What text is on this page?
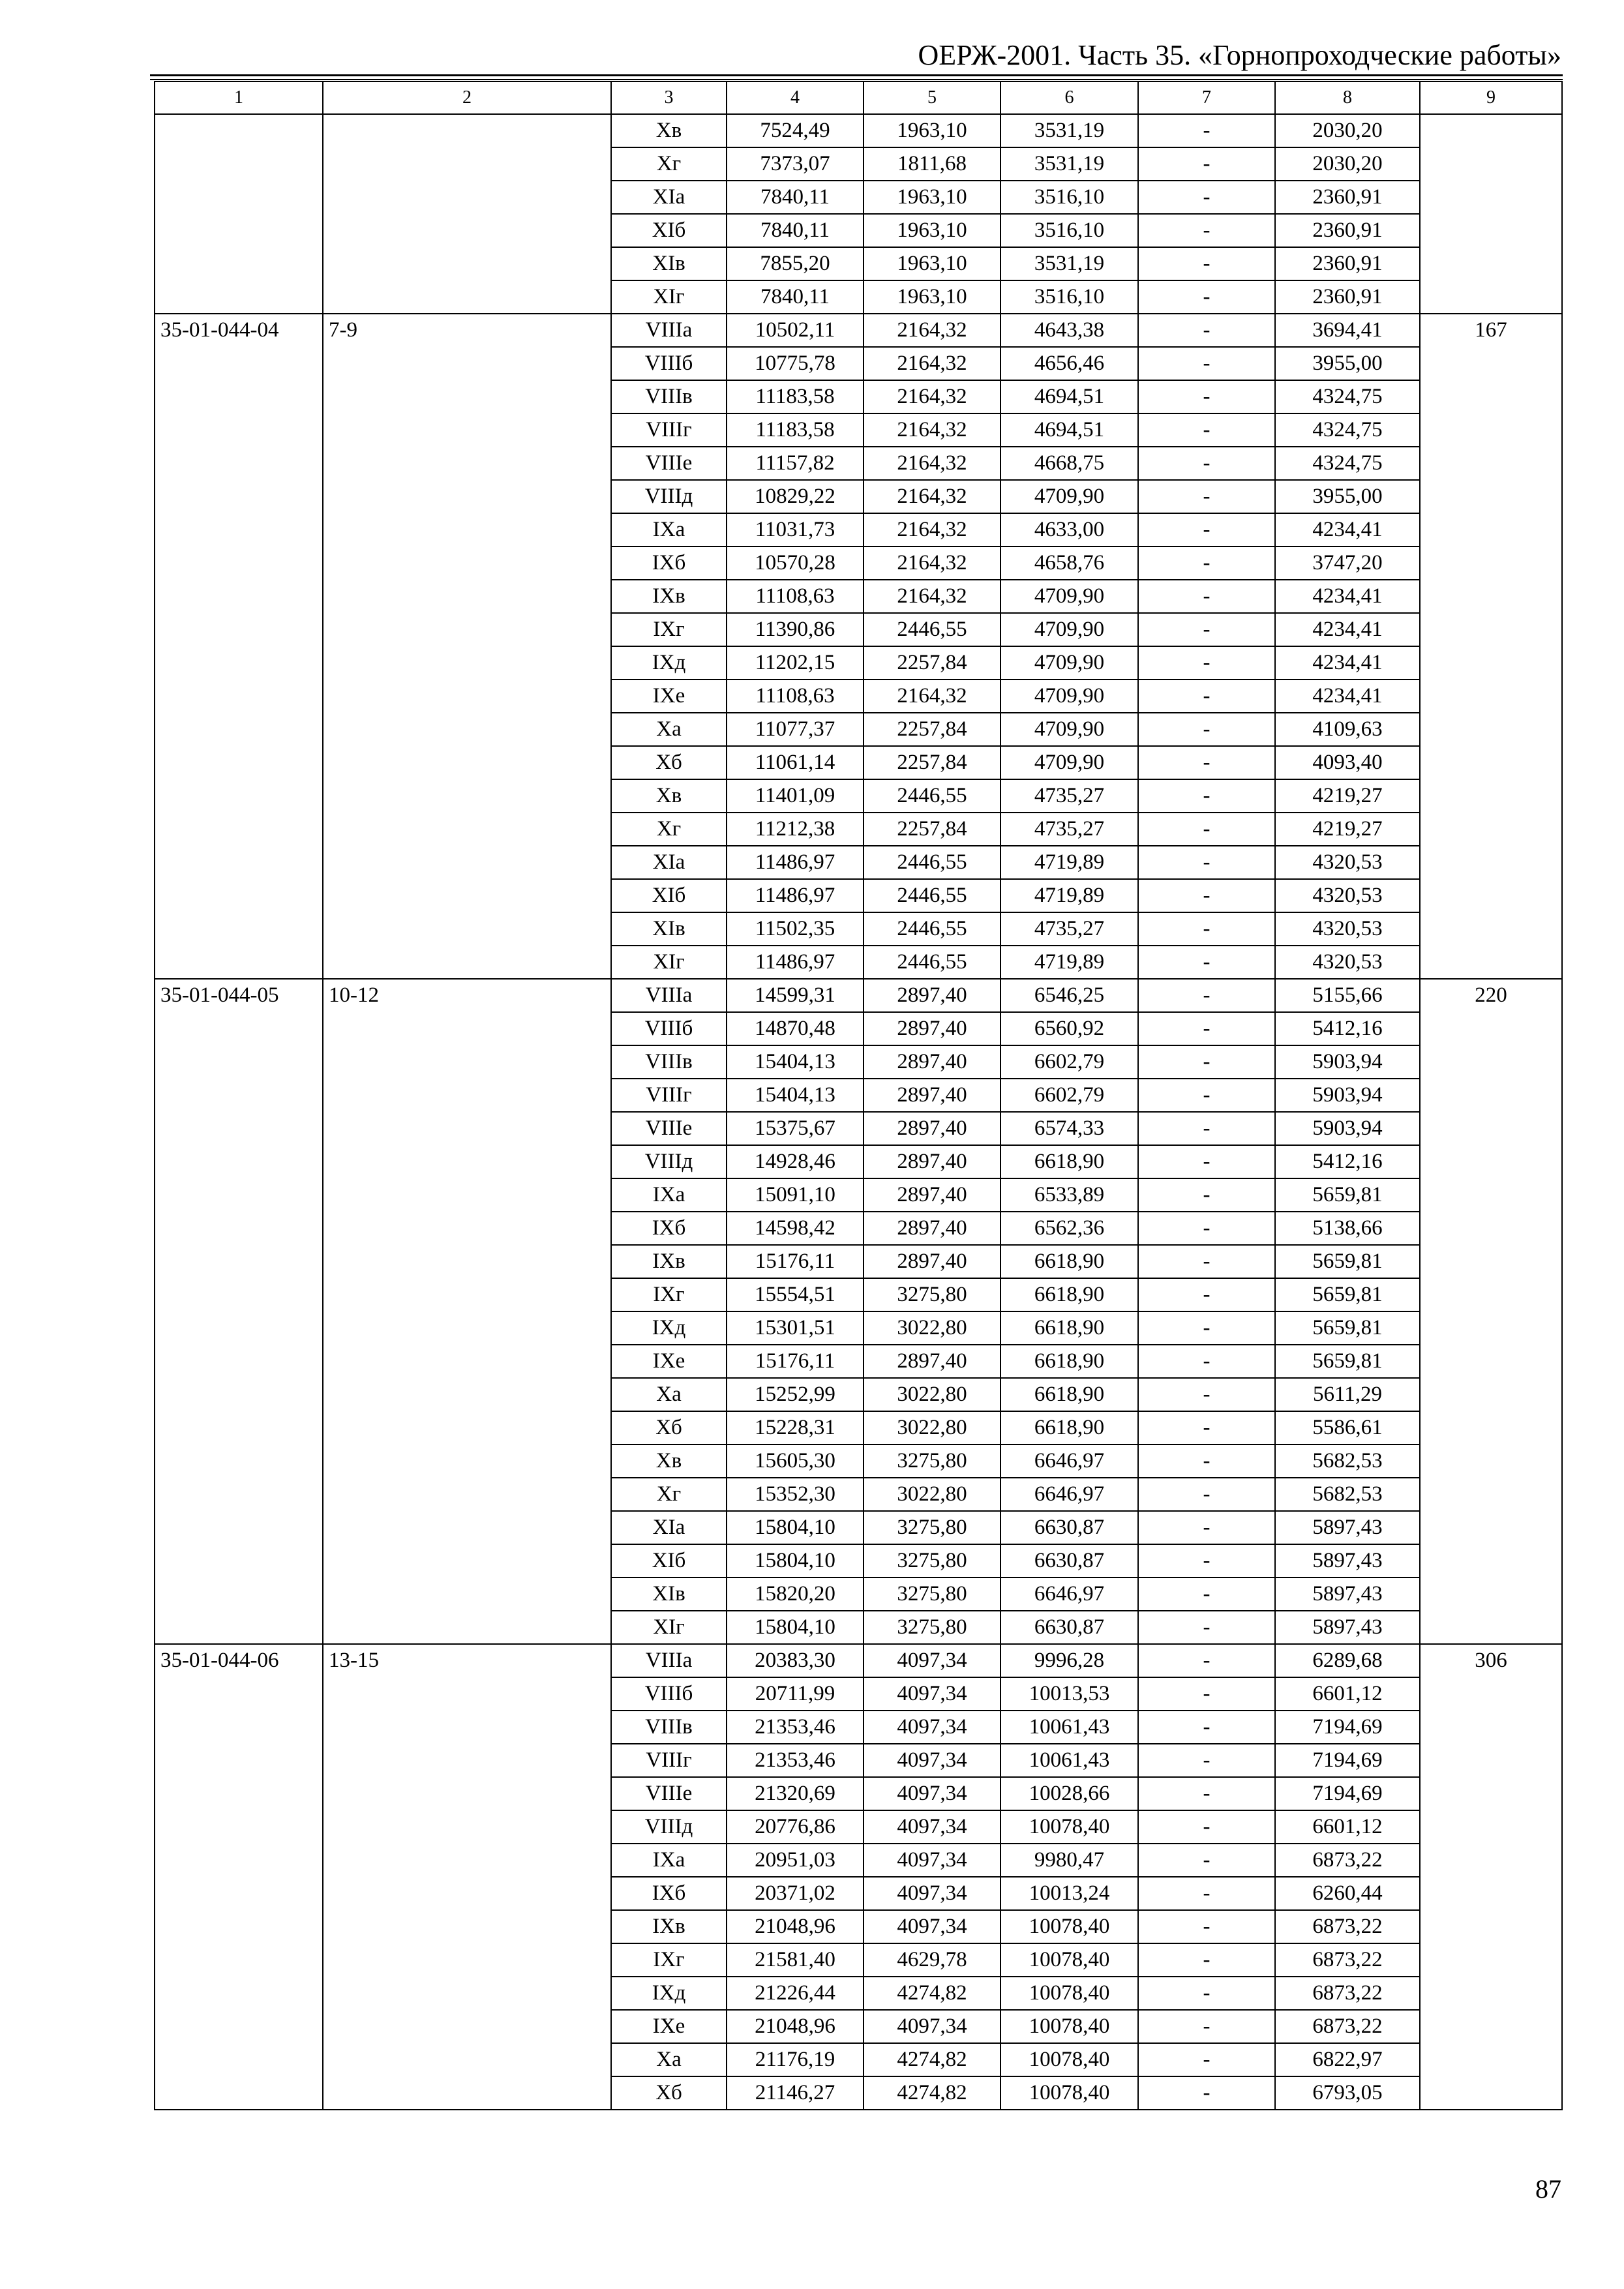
ОЕРЖ-2001. Часть 35. «Горнопроходческие работы»
1	2	3	4	5	6	7	8	9
		Хв	7524,49	1963,10	3531,19	-	2030,20	
		Хг	7373,07	1811,68	3531,19	-	2030,20	
		ХIа	7840,11	1963,10	3516,10	-	2360,91	
		ХIб	7840,11	1963,10	3516,10	-	2360,91	
		ХIв	7855,20	1963,10	3531,19	-	2360,91	
		ХIг	7840,11	1963,10	3516,10	-	2360,91	
35-01-044-04	7-9	VIIIа	10502,11	2164,32	4643,38	-	3694,41	167
		VIIIб	10775,78	2164,32	4656,46	-	3955,00	
		VIIIв	11183,58	2164,32	4694,51	-	4324,75	
		VIIIг	11183,58	2164,32	4694,51	-	4324,75	
		VIIIе	11157,82	2164,32	4668,75	-	4324,75	
		VIIIд	10829,22	2164,32	4709,90	-	3955,00	
		IХа	11031,73	2164,32	4633,00	-	4234,41	
		IХб	10570,28	2164,32	4658,76	-	3747,20	
		IХв	11108,63	2164,32	4709,90	-	4234,41	
		IХг	11390,86	2446,55	4709,90	-	4234,41	
		IХд	11202,15	2257,84	4709,90	-	4234,41	
		IХе	11108,63	2164,32	4709,90	-	4234,41	
		Ха	11077,37	2257,84	4709,90	-	4109,63	
		Хб	11061,14	2257,84	4709,90	-	4093,40	
		Хв	11401,09	2446,55	4735,27	-	4219,27	
		Хг	11212,38	2257,84	4735,27	-	4219,27	
		ХIа	11486,97	2446,55	4719,89	-	4320,53	
		ХIб	11486,97	2446,55	4719,89	-	4320,53	
		ХIв	11502,35	2446,55	4735,27	-	4320,53	
		ХIг	11486,97	2446,55	4719,89	-	4320,53	
35-01-044-05	10-12	VIIIа	14599,31	2897,40	6546,25	-	5155,66	220
		VIIIб	14870,48	2897,40	6560,92	-	5412,16	
		VIIIв	15404,13	2897,40	6602,79	-	5903,94	
		VIIIг	15404,13	2897,40	6602,79	-	5903,94	
		VIIIе	15375,67	2897,40	6574,33	-	5903,94	
		VIIIд	14928,46	2897,40	6618,90	-	5412,16	
		IХа	15091,10	2897,40	6533,89	-	5659,81	
		IХб	14598,42	2897,40	6562,36	-	5138,66	
		IХв	15176,11	2897,40	6618,90	-	5659,81	
		IХг	15554,51	3275,80	6618,90	-	5659,81	
		IХд	15301,51	3022,80	6618,90	-	5659,81	
		IХе	15176,11	2897,40	6618,90	-	5659,81	
		Ха	15252,99	3022,80	6618,90	-	5611,29	
		Хб	15228,31	3022,80	6618,90	-	5586,61	
		Хв	15605,30	3275,80	6646,97	-	5682,53	
		Хг	15352,30	3022,80	6646,97	-	5682,53	
		ХIа	15804,10	3275,80	6630,87	-	5897,43	
		ХIб	15804,10	3275,80	6630,87	-	5897,43	
		ХIв	15820,20	3275,80	6646,97	-	5897,43	
		ХIг	15804,10	3275,80	6630,87	-	5897,43	
35-01-044-06	13-15	VIIIа	20383,30	4097,34	9996,28	-	6289,68	306
		VIIIб	20711,99	4097,34	10013,53	-	6601,12	
		VIIIв	21353,46	4097,34	10061,43	-	7194,69	
		VIIIг	21353,46	4097,34	10061,43	-	7194,69	
		VIIIе	21320,69	4097,34	10028,66	-	7194,69	
		VIIIд	20776,86	4097,34	10078,40	-	6601,12	
		IХа	20951,03	4097,34	9980,47	-	6873,22	
		IХб	20371,02	4097,34	10013,24	-	6260,44	
		IХв	21048,96	4097,34	10078,40	-	6873,22	
		IХг	21581,40	4629,78	10078,40	-	6873,22	
		IХд	21226,44	4274,82	10078,40	-	6873,22	
		IХе	21048,96	4097,34	10078,40	-	6873,22	
		Ха	21176,19	4274,82	10078,40	-	6822,97	
		Хб	21146,27	4274,82	10078,40	-	6793,05	
87
